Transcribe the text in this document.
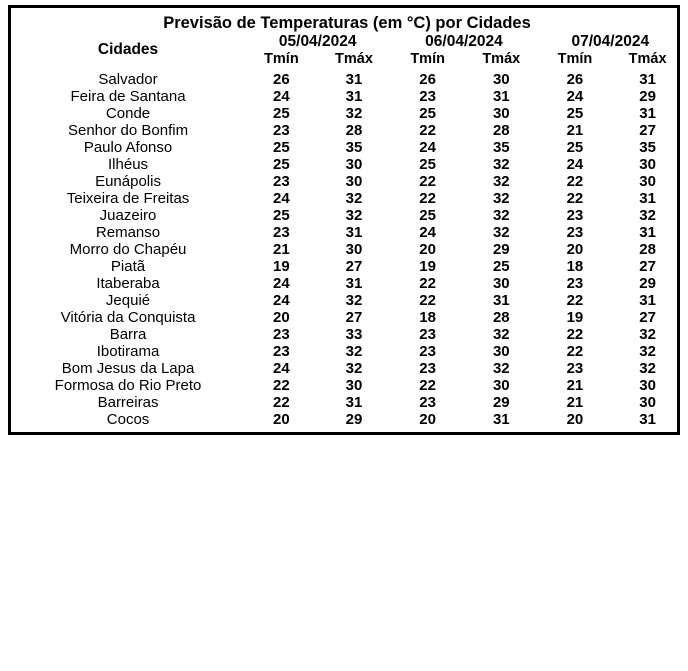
Previsão de Temperaturas (em °C) por Cidades						
Cidades	05/04/2024		06/04/2024		07/04/2024	
	Tmín	Tmáx	Tmín	Tmáx	Tmín	Tmáx

Salvador	26	31	26	30	26	31
Feira de Santana	24	31	23	31	24	29
Conde	25	32	25	30	25	31
Senhor do Bonfim	23	28	22	28	21	27
Paulo Afonso	25	35	24	35	25	35
Ilhéus	25	30	25	32	24	30
Eunápolis	23	30	22	32	22	30
Teixeira de Freitas	24	32	22	32	22	31
Juazeiro	25	32	25	32	23	32
Remanso	23	31	24	32	23	31
Morro do Chapéu	21	30	20	29	20	28
Piatã	19	27	19	25	18	27
Itaberaba	24	31	22	30	23	29
Jequié	24	32	22	31	22	31
Vitória da Conquista	20	27	18	28	19	27
Barra	23	33	23	32	22	32
Ibotirama	23	32	23	30	22	32
Bom Jesus da Lapa	24	32	23	32	23	32
Formosa do Rio Preto	22	30	22	30	21	30
Barreiras	22	31	23	29	21	30
Cocos	20	29	20	31	20	31
